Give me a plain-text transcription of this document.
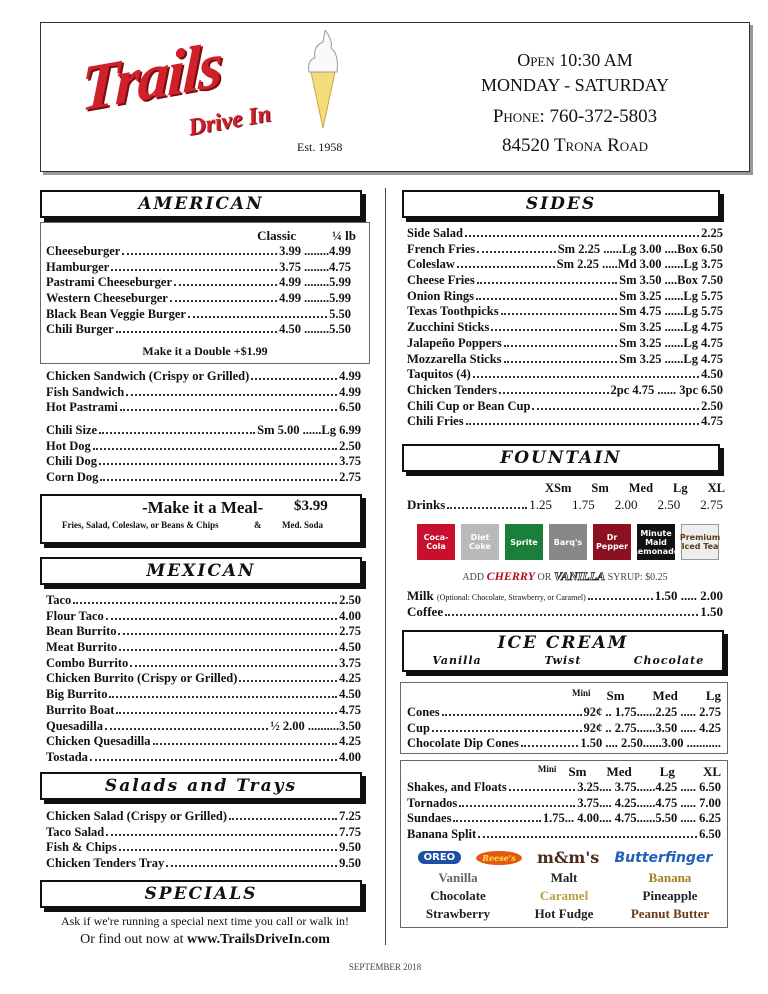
Trails
Drive In
Est. 1958
Open 10:30 AM
MONDAY - SATURDAY
Phone: 760-372-5803
84520 Trona Road
AMERICAN
Classic	¼ lb
Cheeseburger	3.99 ........4.99
Hamburger	3.75 ........4.75
Pastrami Cheeseburger	4.99 ........5.99
Western Cheeseburger	4.99 ........5.99
Black Bean Veggie Burger	5.50
Chili Burger	4.50 ........5.50
Make it a Double +$1.99
Chicken Sandwich (Crispy or Grilled)	4.99
Fish Sandwich	4.99
Hot Pastrami	6.50
Chili Size	Sm 5.00 ......Lg 6.99
Hot Dog	2.50
Chili Dog	3.75
Corn Dog	2.75
-Make it a Meal- $3.99
Fries, Salad, Coleslaw, or Beans & Chips	& Med. Soda
MEXICAN
Taco	2.50
Flour Taco	4.00
Bean Burrito	2.75
Meat Burrito	4.50
Combo Burrito	3.75
Chicken Burrito (Crispy or Grilled)	4.25
Big Burrito	4.50
Burrito Boat	4.75
Quesadilla	½ 2.00 ..........3.50
Chicken Quesadilla	4.25
Tostada	4.00
Salads and Trays
Chicken Salad (Crispy or Grilled)	7.25
Taco Salad	7.75
Fish & Chips	9.50
Chicken Tenders Tray	9.50
SPECIALS
Ask if we're running a special next time you call or walk in!
Or find out now at www.TrailsDriveIn.com
SIDES
Side Salad	2.25
French Fries	Sm 2.25 ......Lg 3.00 ....Box 6.50
Coleslaw	Sm 2.25 .....Md 3.00 ......Lg 3.75
Cheese Fries	Sm 3.50 ....Box 7.50
Onion Rings	Sm 3.25 ......Lg 5.75
Texas Toothpicks	Sm 4.75 ......Lg 5.75
Zucchini Sticks	Sm 3.25 ......Lg 4.75
Jalapeño Poppers	Sm 3.25 ......Lg 4.75
Mozzarella Sticks	Sm 3.25 ......Lg 4.75
Taquitos (4)	4.50
Chicken Tenders	2pc 4.75 ...... 3pc 6.50
Chili Cup or Bean Cup	2.50
Chili Fries	4.75
FOUNTAIN
XSm Sm Med Lg XL
Drinks	1.25 1.75 2.00 2.50 2.75
Coca-Cola
Diet Coke	Sprite	Barq's	Dr Pepper
Minute Maid Lemonade
Premium Iced Tea
ADD CHERRY OR VANILLA SYRUP: $0.25
Milk
(Optional: Chocolate, Strawberry, or Caramel)	1.50 ..... 2.00
Coffee	1.50
ICE CREAM
Vanilla	Twist	Chocolate
Mini Sm Med Lg
Cones	92¢ .. 1.75......2.25 ..... 2.75
Cup	92¢ .. 2.75......3.50 ..... 4.25
Chocolate Dip Cones	1.50 .... 2.50......3.00 ...........
Mini Sm Med Lg XL
Shakes, and Floats	3.25.... 3.75......4.25 ..... 6.50
Tornados	3.75.... 4.25......4.75 ..... 7.00
Sundaes	1.75... 4.00.... 4.75......5.50 ..... 6.25
Banana Split	6.50
OREO	Reese's	m&m's Butterfinger
Vanilla	Malt	Banana
Chocolate	Caramel	Pineapple
Strawberry	Hot Fudge	Peanut Butter
SEPTEMBER 2018
